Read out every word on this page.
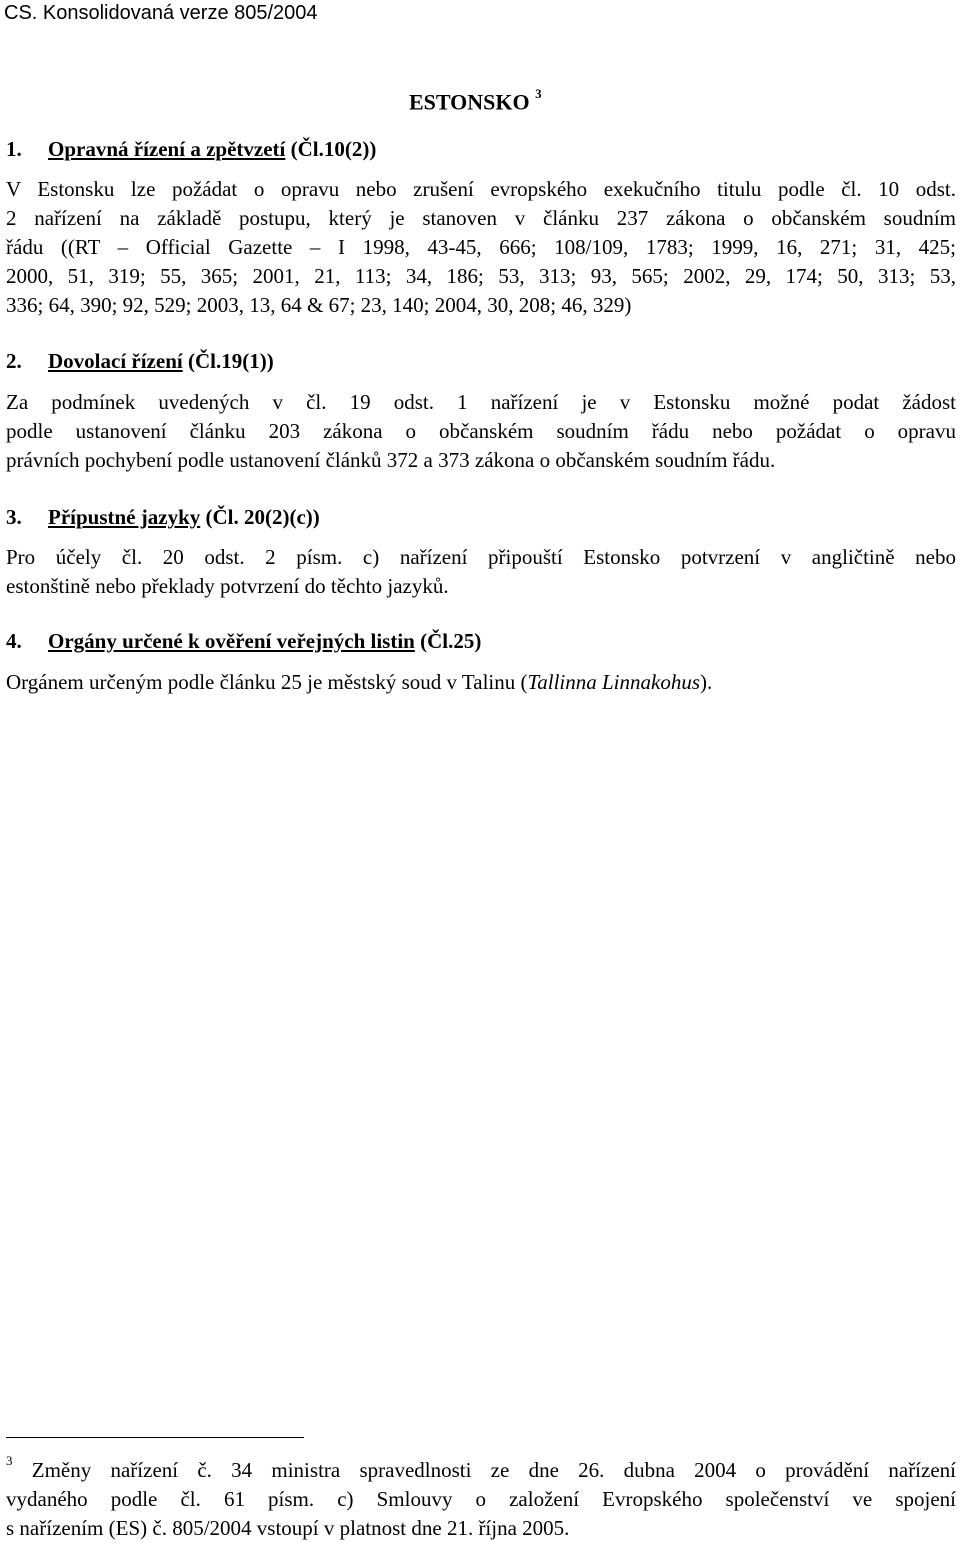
CS. Konsolidovaná verze 805/2004
ESTONSKO $^3$
1. Opravná řízení a zpětvzetí (Čl.10(2))

V Estonsku lze požádat o opravu nebo zrušení evropského exekučního titulu podle čl. 10 odst.

2 nařízení na základě postupu, který je stanoven v článku 237 zákona o občanském soudním

řádu ((RT – Official Gazette – I 1998, 43-45, 666; 108/109, 1783; 1999, 16, 271; 31, 425;

2000, 51, 319; 55, 365; 2001, 21, 113; 34, 186; 53, 313; 93, 565; 2002, 29, 174; 50, 313; 53,

336; 64, 390; 92, 529; 2003, 13, 64 & 67; 23, 140; 2004, 30, 208; 46, 329)

2. Dovolací řízení (Čl.19(1))

Za podmínek uvedených v čl. 19 odst. 1 nařízení je v Estonsku možné podat žádost

podle ustanovení článku 203 zákona o občanském soudním řádu nebo požádat o opravu

právních pochybení podle ustanovení článků 372 a 373 zákona o občanském soudním řádu.

3. Přípustné jazyky (Čl. 20(2)(c))

Pro účely čl. 20 odst. 2 písm. c) nařízení připouští Estonsko potvrzení v angličtině nebo

estonštině nebo překlady potvrzení do těchto jazyků.

4. Orgány určené k ověření veřejných listin (Čl.25)

Orgánem určeným podle článku 25 je městský soud v Talinu (Tallinna Linnakohus).

$^3$ Změny nařízení č. 34 ministra spravedlnosti ze dne 26. dubna 2004 o provádění nařízení

vydaného podle čl. 61 písm. c) Smlouvy o založení Evropského společenství ve spojení

s nařízením (ES) č. 805/2004 vstoupí v platnost dne 21. října 2005.
